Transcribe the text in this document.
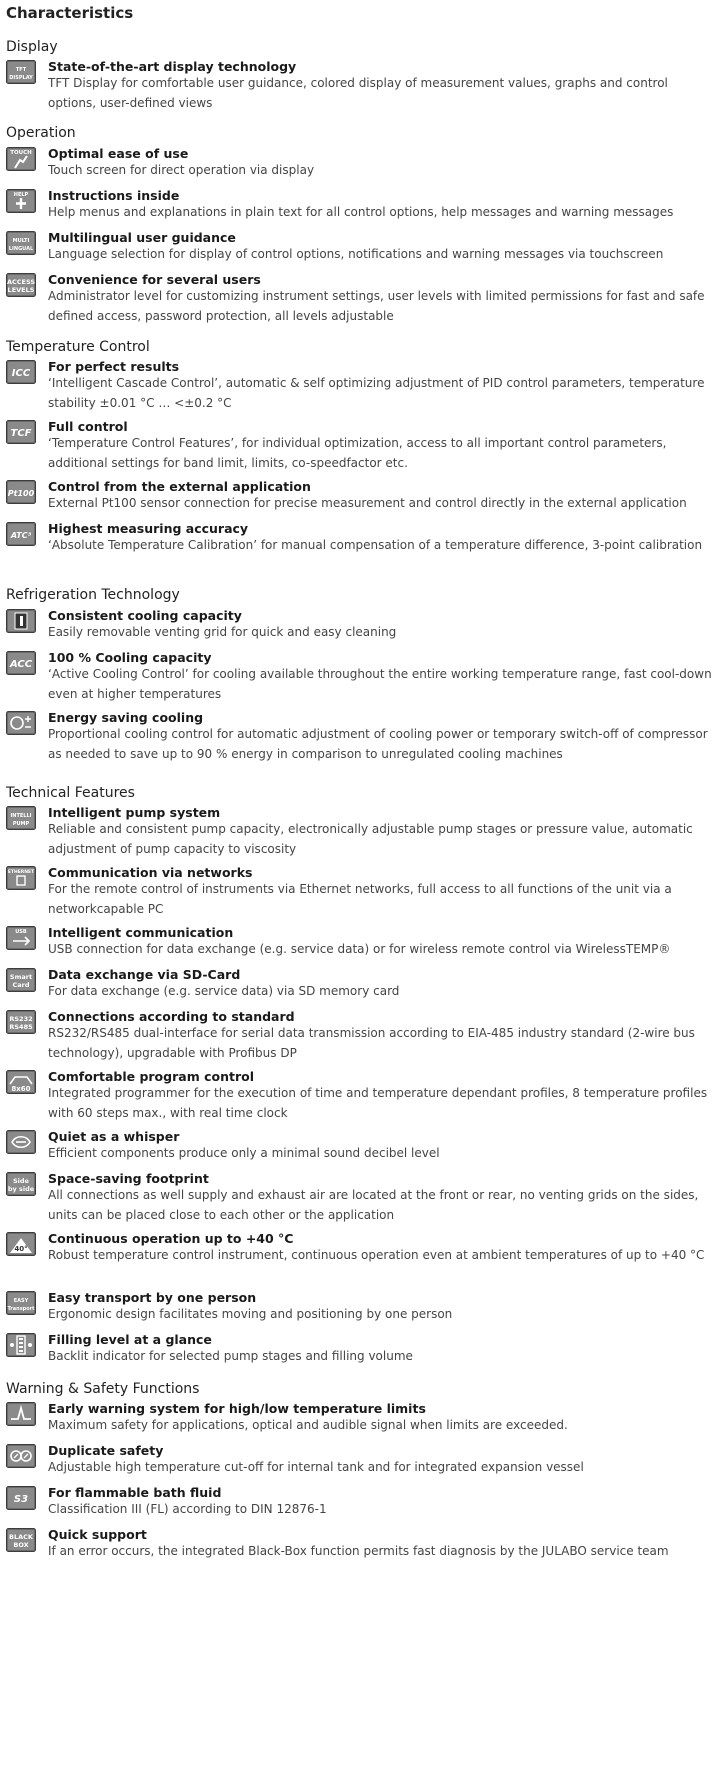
Characteristics
Display
TFT
DISPLAY
State-of-the-art display technology
TFT Display for comfortable user guidance, colored display of measurement values, graphs and control options, user-defined views
Operation
TOUCH Optimal ease of use
Touch screen for direct operation via display
HELP Instructions inside
Help menus and explanations in plain text for all control options, help messages and warning messages
MULTI
LINGUAL
Multilingual user guidance
Language selection for display of control options, notifications and warning messages via touchscreen
ACCESS
LEVELS
Convenience for several users
Administrator level for customizing instrument settings, user levels with limited permissions for fast and safe defined access, password protection, all levels adjustable
Temperature Control
ICC For perfect results
‘Intelligent Cascade Control’, automatic & self optimizing adjustment of PID control parameters, temperature stability ±0.01 °C … <±0.2 °C
TCF Full control
‘Temperature Control Features’, for individual optimization, access to all important control parameters, additional settings for band limit, limits, co-speedfactor etc.
Pt100 Control from the external application
External Pt100 sensor connection for precise measurement and control directly in the external application
ATC³ Highest measuring accuracy
‘Absolute Temperature Calibration’ for manual compensation of a temperature difference, 3-point calibration
Refrigeration Technology
Consistent cooling capacity
Easily removable venting grid for quick and easy cleaning
ACC 100 % Cooling capacity
‘Active Cooling Control’ for cooling available throughout the entire working temperature range, fast cool-down even at higher temperatures
Energy saving cooling
Proportional cooling control for automatic adjustment of cooling power or temporary switch-off of compressor as needed to save up to 90 % energy in comparison to unregulated cooling machines
Technical Features
INTELLI
PUMP
Intelligent pump system
Reliable and consistent pump capacity, electronically adjustable pump stages or pressure value, automatic adjustment of pump capacity to viscosity
ETHERNET Communication via networks
For the remote control of instruments via Ethernet networks, full access to all functions of the unit via a networkcapable PC
USB Intelligent communication
USB connection for data exchange (e.g. service data) or for wireless remote control via WirelessTEMP®
Smart
Card
Data exchange via SD-Card
For data exchange (e.g. service data) via SD memory card
RS232
RS485
Connections according to standard
RS232/RS485 dual-interface for serial data transmission according to EIA-485 industry standard (2-wire bus technology), upgradable with Profibus DP
8x60
Comfortable program control
Integrated programmer for the execution of time and temperature dependant profiles, 8 temperature profiles with 60 steps max., with real time clock
Quiet as a whisper
Efficient components produce only a minimal sound decibel level
Side
by side
Space-saving footprint
All connections as well supply and exhaust air are located at the front or rear, no venting grids on the sides, units can be placed close to each other or the application
40°
Continuous operation up to +40 °C
Robust temperature control instrument, continuous operation even at ambient temperatures of up to +40 °C
EASY
Transport
Easy transport by one person
Ergonomic design facilitates moving and positioning by one person
Filling level at a glance
Backlit indicator for selected pump stages and filling volume
Warning & Safety Functions
Early warning system for high/low temperature limits
Maximum safety for applications, optical and audible signal when limits are exceeded.
Duplicate safety
Adjustable high temperature cut-off for internal tank and for integrated expansion vessel
S3 For flammable bath fluid
Classification III (FL) according to DIN 12876-1
BLACK
BOX
Quick support
If an error occurs, the integrated Black-Box function permits fast diagnosis by the JULABO service team
